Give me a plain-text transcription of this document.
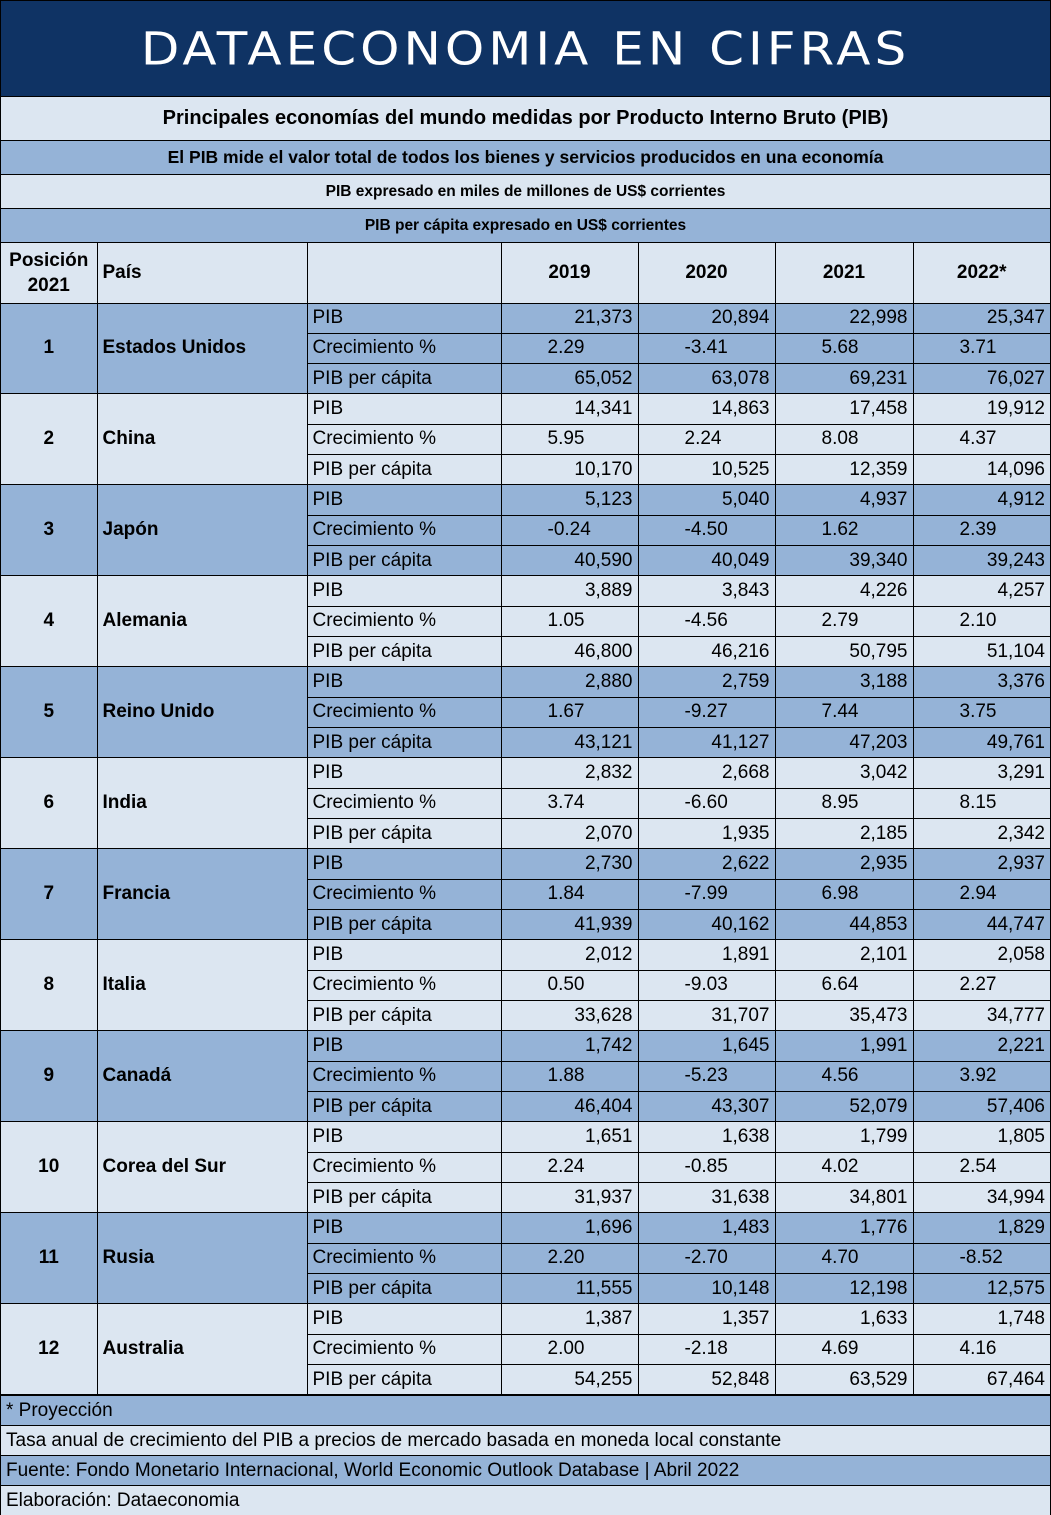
DATAECONOMIA EN CIFRAS
Principales economías del mundo medidas por Producto Interno Bruto (PIB)
El PIB mide el valor total de todos los bienes y servicios producidos en una economía
PIB expresado en miles de millones de US$ corrientes
PIB per cápita expresado en US$ corrientes
Posición 2021	País		2019	2020	2021	2022*
1	Estados Unidos	PIB	21,373	20,894	22,998	25,347
		Crecimiento %	2.29	-3.41	5.68	3.71
		PIB per cápita	65,052	63,078	69,231	76,027
2	China	PIB	14,341	14,863	17,458	19,912
		Crecimiento %	5.95	2.24	8.08	4.37
		PIB per cápita	10,170	10,525	12,359	14,096
3	Japón	PIB	5,123	5,040	4,937	4,912
		Crecimiento %	-0.24	-4.50	1.62	2.39
		PIB per cápita	40,590	40,049	39,340	39,243
4	Alemania	PIB	3,889	3,843	4,226	4,257
		Crecimiento %	1.05	-4.56	2.79	2.10
		PIB per cápita	46,800	46,216	50,795	51,104
5	Reino Unido	PIB	2,880	2,759	3,188	3,376
		Crecimiento %	1.67	-9.27	7.44	3.75
		PIB per cápita	43,121	41,127	47,203	49,761
6	India	PIB	2,832	2,668	3,042	3,291
		Crecimiento %	3.74	-6.60	8.95	8.15
		PIB per cápita	2,070	1,935	2,185	2,342
7	Francia	PIB	2,730	2,622	2,935	2,937
		Crecimiento %	1.84	-7.99	6.98	2.94
		PIB per cápita	41,939	40,162	44,853	44,747
8	Italia	PIB	2,012	1,891	2,101	2,058
		Crecimiento %	0.50	-9.03	6.64	2.27
		PIB per cápita	33,628	31,707	35,473	34,777
9	Canadá	PIB	1,742	1,645	1,991	2,221
		Crecimiento %	1.88	-5.23	4.56	3.92
		PIB per cápita	46,404	43,307	52,079	57,406
10	Corea del Sur	PIB	1,651	1,638	1,799	1,805
		Crecimiento %	2.24	-0.85	4.02	2.54
		PIB per cápita	31,937	31,638	34,801	34,994
11	Rusia	PIB	1,696	1,483	1,776	1,829
		Crecimiento %	2.20	-2.70	4.70	-8.52
		PIB per cápita	11,555	10,148	12,198	12,575
12	Australia	PIB	1,387	1,357	1,633	1,748
		Crecimiento %	2.00	-2.18	4.69	4.16
		PIB per cápita	54,255	52,848	63,529	67,464
* Proyección
Tasa anual de crecimiento del PIB a precios de mercado basada en moneda local constante
Fuente: Fondo Monetario Internacional, World Economic Outlook Database | Abril 2022
Elaboración: Dataeconomia
